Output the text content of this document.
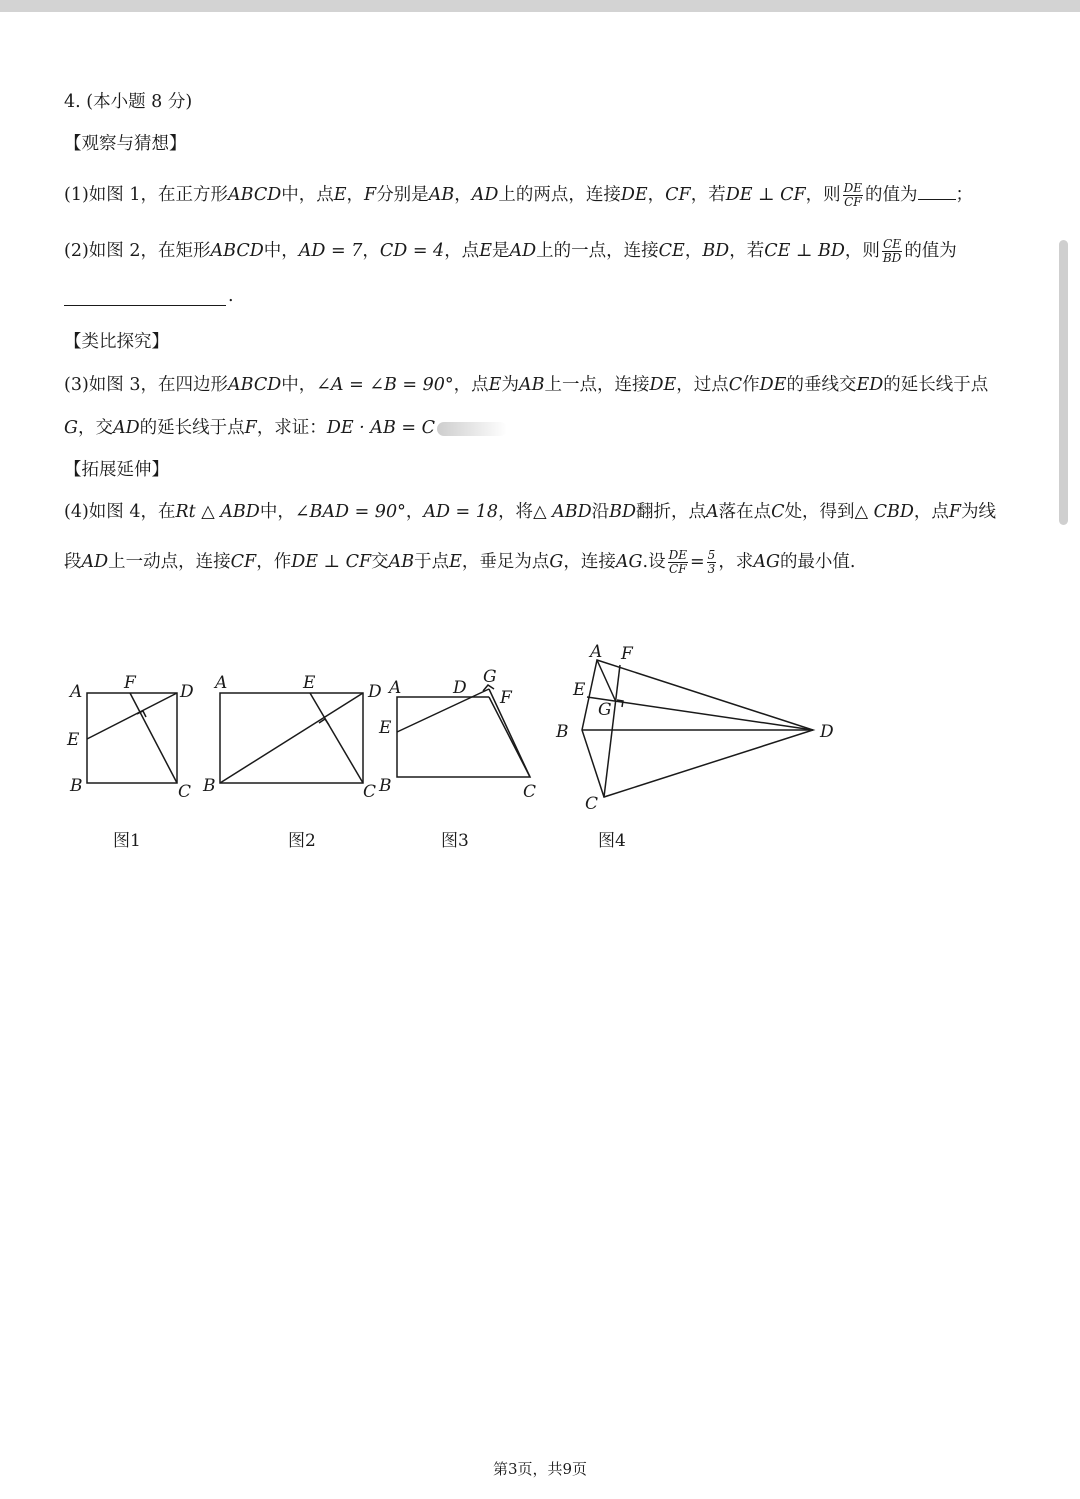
4. (本小题 8 分)
【观察与猜想】
(1)如图 1，在正方形ABCD中，点E，F分别是AB，AD上的两点，连接DE，CF，若DE ⊥ CF，则 $\frac{DE}{CF}$ 的值为 ；
(2)如图 2，在矩形ABCD中，AD = 7，CD = 4，点E是AD上的一点，连接CE，BD，若CE ⊥ BD，则 $\frac{CE}{BD}$ 的值为
.
【类比探究】
(3)如图 3，在四边形ABCD中，∠A = ∠B = 90°，点E为AB上一点，连接DE，过点C作DE的垂线交ED的延长线于点
G，交AD的延长线于点F，求证：DE · AB = C
【拓展延伸】
(4)如图 4，在Rt △ ABD中，∠BAD = 90°，AD = 18，将△ ABD沿BD翻折，点A落在点C处，得到△ CBD，点F为线
段AD上一动点，连接CF，作DE ⊥ CF交AB于点E，垂足为点G，连接AG.设 $\frac{DE}{CF} = \frac{5}{3}$ ，求AG的最小值.
A
B	C
D
E
F	A
B	C
D
E	A
B	C
D
E
F
G
A
B
C
D
E
F
G
图1	图2	图3	图4
第3页，共9页
